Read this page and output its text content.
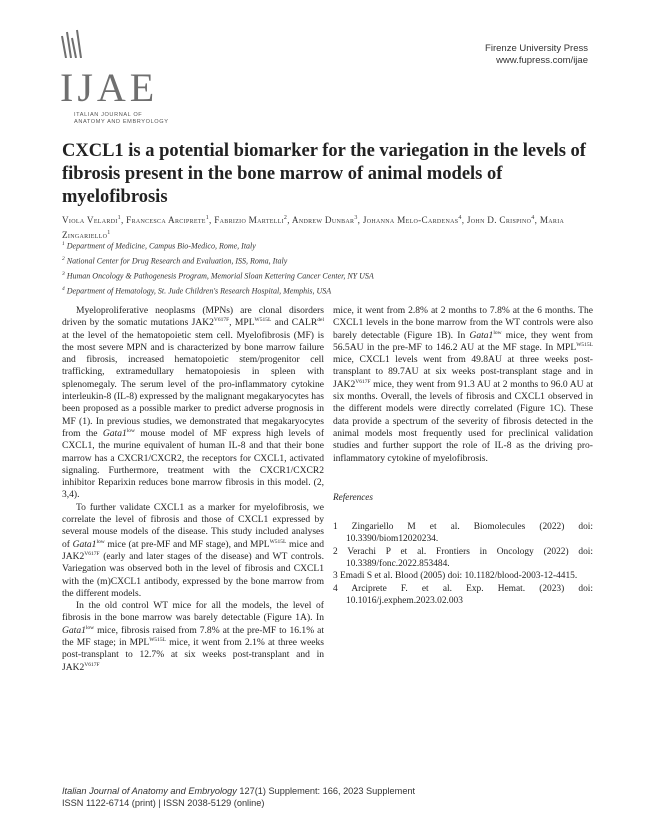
IJAE
ITALIAN JOURNAL OF
ANATOMY AND EMBRYOLOGY
Firenze University Press
www.fupress.com/ijae
CXCL1 is a potential biomarker for the variegation in the levels of fibrosis present in the bone marrow of animal models of myelofibrosis
Viola Velardi$^1$, Francesca Arciprete$^1$, Fabrizio Martelli$^2$, Andrew Dunbar$^3$, Johanna Melo-Cardenas$^4$, John D. Crispino$^4$, Maria Zingariello$^1$
$^1$ Department of Medicine, Campus Bio-Medico, Rome, Italy
$^2$ National Center for Drug Research and Evaluation, ISS, Roma, Italy
$^3$ Human Oncology & Pathogenesis Program, Memorial Sloan Kettering Cancer Center, NY USA
$^4$ Department of Hematology, St. Jude Children's Research Hospital, Memphis, USA

Myeloproliferative neoplasms (MPNs) are clonal disorders driven by the somatic mutations $JAK2^{V617F}$, $MPL^{W515L}$ and $CALR^{del}$ at the level of the hematopoietic stem cell. Myelofibrosis (MF) is the most severe MPN and is characterized by bone marrow failure and fibrosis, increased hematopoietic stem/progenitor cell trafficking, extramedullary hematopoiesis in spleen with splenomegaly. The serum level of the pro-inflammatory cytokine interleukin-8 (IL-8) expressed by the malignant megakaryocytes has been proposed as a possible marker to predict adverse prognosis in MF (1). In previous studies, we demonstrated that megakaryocytes from the $Gata1^{low}$ mouse model of MF express high levels of CXCL1, the murine equivalent of human IL-8 and that their bone marrow has a CXCR1/CXCR2, the receptors for CXCL1, activated signaling. Furthermore, treatment with the CXCR1/CXCR2 inhibitor Reparixin reduces bone marrow fibrosis in this model. (2, 3,4).

To further validate CXCL1 as a marker for myelofibrosis, we correlate the level of fibrosis and those of CXCL1 expressed by several mouse models of the disease. This study included analyses of $Gata1^{low}$ mice (at pre-MF and MF stage), and $MPL^{W515L}$ mice and $JAK2^{V617F}$ (early and later stages of the disease) and WT controls. Variegation was observed both in the level of fibrosis and CXCL1 with the (m)CXCL1 antibody, expressed by the bone marrow from the different models.

In the old control WT mice for all the models, the level of fibrosis in the bone marrow was barely detectable (Figure 1A). In $Gata1^{low}$ mice, fibrosis raised from 7.8% at the pre-MF to 16.1% at the MF stage; in $MPL^{W515L}$ mice, it went from 2.1% at three weeks post-transplant to 12.7% at six weeks post-transplant and in $JAK2^{V617F}$

mice, it went from 2.8% at 2 months to 7.8% at the 6 months. The CXCL1 levels in the bone marrow from the WT controls were also barely detectable (Figure 1B). In $Gata1^{low}$ mice, they went from 56.5AU in the pre-MF to 146.2 AU at the MF stage. In $MPL^{W515L}$ mice, CXCL1 levels went from 49.8AU at three weeks post-transplant to 89.7AU at six weeks post-transplant stage and in $JAK2^{V617F}$ mice, they went from 91.3 AU at 2 months to 96.0 AU at six months. Overall, the levels of fibrosis and CXCL1 observed in the different models were directly correlated (Figure 1C). These data provide a spectrum of the severity of fibrosis detected in the animal models most frequently used for preclinical validation studies and further support the role of IL-8 as the driving pro-inflammatory cytokine of myelofibrosis.

References

1 Zingariello M et al. Biomolecules (2022) doi: 10.3390/biom12020234.

2 Verachi P et al. Frontiers in Oncology (2022) doi: 10.3389/fonc.2022.853484.

3 Emadi S et al. Blood (2005) doi: 10.1182/blood-2003-12-4415.

4 Arciprete F. et al. Exp. Hemat. (2023) doi: 10.1016/j.exphem.2023.02.003

Italian Journal of Anatomy and Embryology 127(1) Supplement: 166, 2023 Supplement
ISSN 1122-6714 (print) | ISSN 2038-5129 (online)
